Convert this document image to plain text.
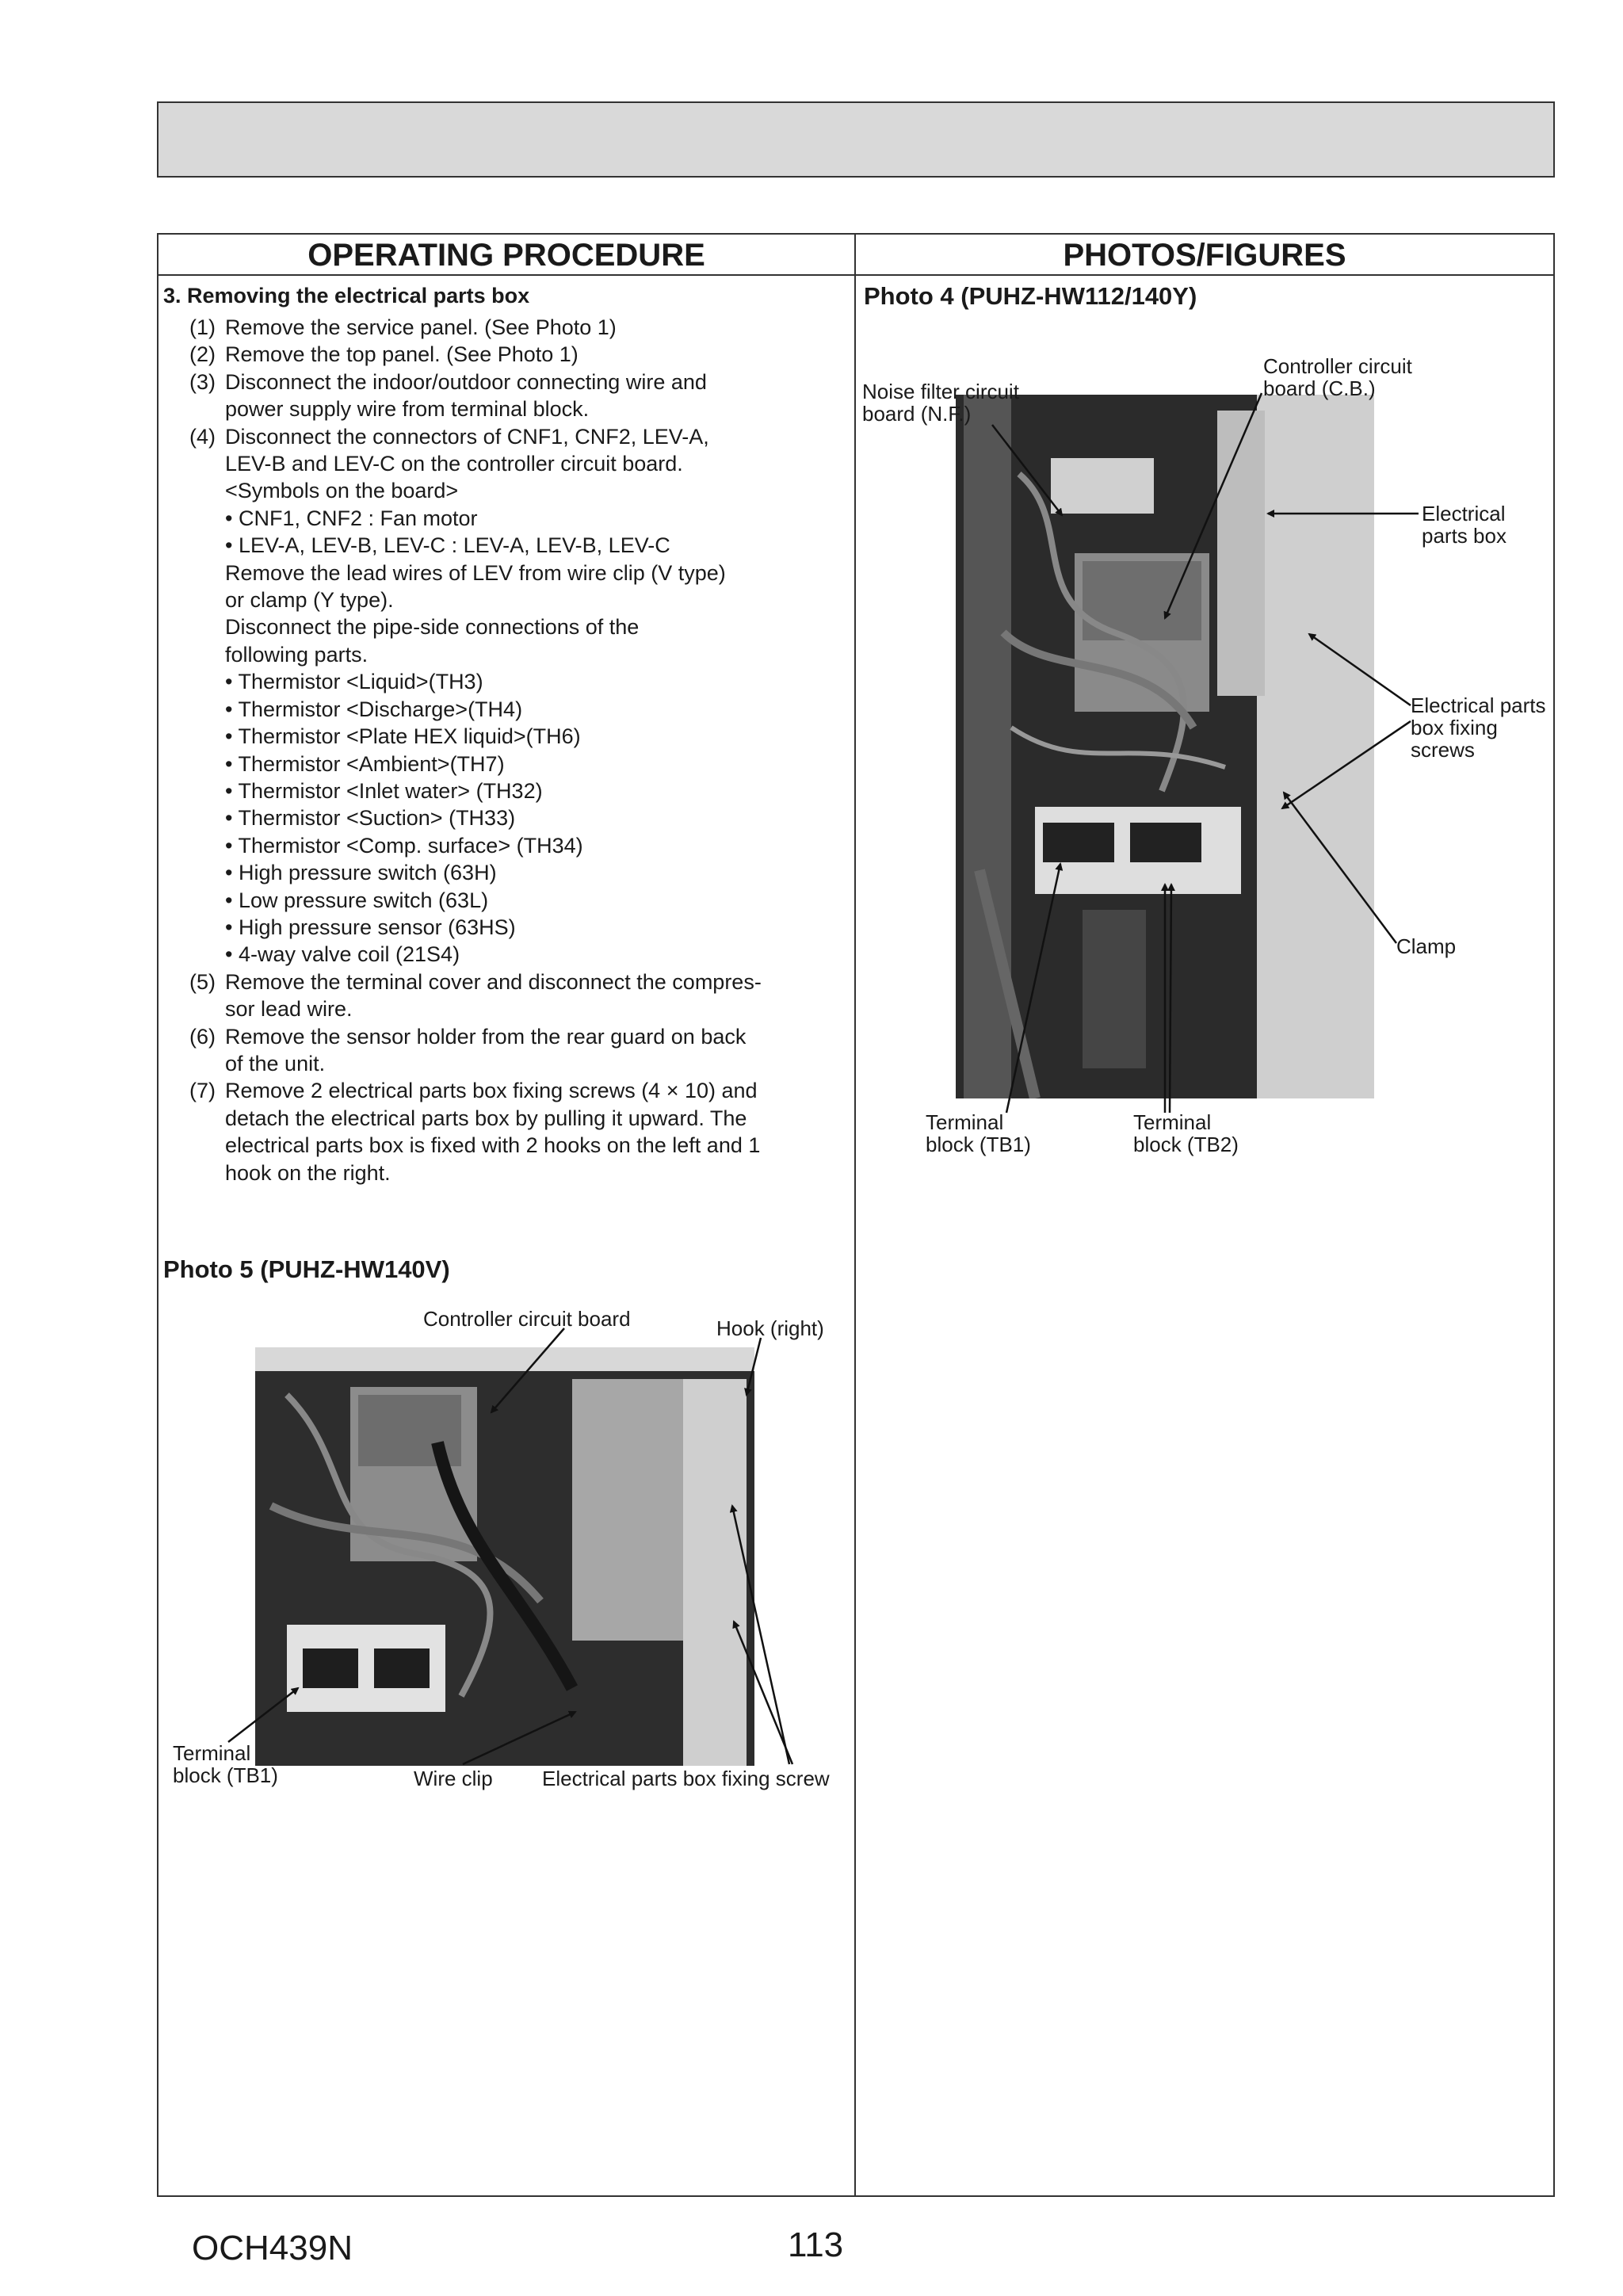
OPERATING PROCEDURE	PHOTOS/FIGURES
3. Removing the electrical parts box
(1) Remove the service panel. (See Photo 1)
(2) Remove the top panel. (See Photo 1)
(3) Disconnect the indoor/outdoor connecting wire and
power supply wire from terminal block.
(4) Disconnect the connectors of CNF1, CNF2, LEV-A,
LEV-B and LEV-C on the controller circuit board.
<Symbols on the board>
• CNF1, CNF2 : Fan motor
• LEV-A, LEV-B, LEV-C : LEV-A, LEV-B, LEV-C
Remove the lead wires of LEV from wire clip (V type)
or clamp (Y type).
Disconnect the pipe-side connections of the
following parts.
• Thermistor <Liquid>(TH3)
• Thermistor <Discharge>(TH4)
• Thermistor <Plate HEX liquid>(TH6)
• Thermistor <Ambient>(TH7)
• Thermistor <Inlet water> (TH32)
• Thermistor <Suction> (TH33)
• Thermistor <Comp. surface> (TH34)
• High pressure switch (63H)
• Low pressure switch (63L)
• High pressure sensor (63HS)
• 4-way valve coil (21S4)
(5) Remove the terminal cover and disconnect the compres-
sor lead wire.
(6) Remove the sensor holder from the rear guard on back
of the unit.
(7) Remove 2 electrical parts box fixing screws (4 × 10) and
detach the electrical parts box by pulling it upward. The
electrical parts box is fixed with 2 hooks on the left and 1
hook on the right.
Photo 4 (PUHZ-HW112/140Y)
Noise filter circuit board (N.F.)
Controller circuit board (C.B.)
Electrical parts box
Electrical parts box fixing screws
Clamp
Terminal block (TB1)
Terminal block (TB2)
Photo 5 (PUHZ-HW140V)
Controller circuit board	Hook (right)
Terminal block (TB1)	Wire clip Electrical parts box fixing screw
OCH439N	113
